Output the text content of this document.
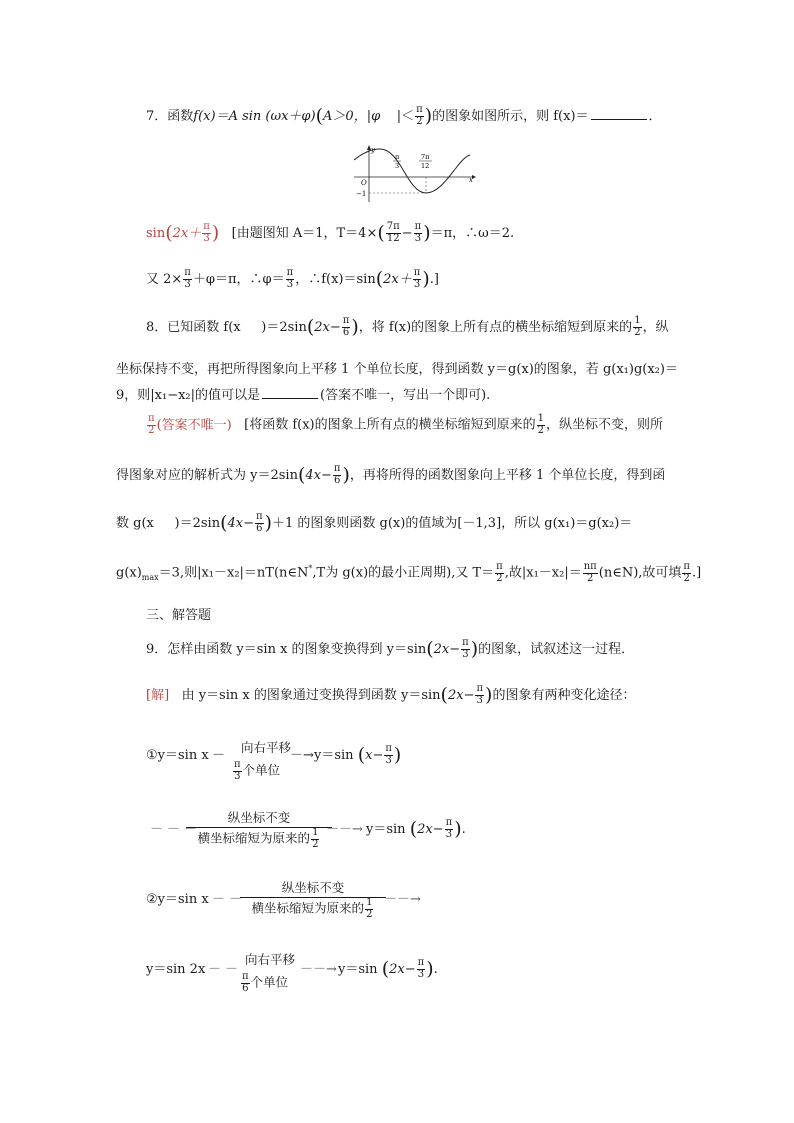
7．函数f(x)＝A sin (ωx＋φ)(A＞0，|φ |＜ $\frac{\pi}{2}$ )的图象如图所示，则 f(x)＝	．
y
x
O
−1
π
3
7π
12
$\sin(2x+ \frac{\pi}{3}$ ) [由题图知 A＝1，$T=4\times( \frac{7\pi}{12} - \frac{\pi}{3} )=\pi$，∴ω＝2.
又 $2\times \frac{\pi}{3} +\varphi=\pi$，∴φ＝ $\frac{\pi}{3}$ ，∴f(x)＝sin(2x＋ $\frac{\pi}{3}$ ).]
8．已知函数 f(x )$=2\sin(2x- \frac{\pi}{6}$ )，将 f(x)的图象上所有点的横坐标缩短到原来的 $\frac{1}{2}$ ，纵
坐标保持不变，再把所得图象向上平移 1 个单位长度，得到函数 y＝g(x)的图象，若 g(x₁)g(x₂)＝
9，则|x₁−x₂|的值可以是	(答案不唯一，写出一个即可).
$\frac{\pi}{2}$ (答案不唯一) [将函数 f(x)的图象上所有点的横坐标缩短到原来的 $\frac{1}{2}$ ，纵坐标不变，则所
得图象对应的解析式为 $y=2\sin(4x- \frac{\pi}{6}$ )，再将所得的函数图象向上平移 1 个单位长度，得到函
数 g(x )$=2\sin(4x- \frac{\pi}{6} )+1$ 的图象则函数 g(x)的值域为[－1,3]，所以 g(x₁)＝g(x₂)＝
$g(x)_{max}=3$,则|x₁－x₂|＝nT(n∈N*,T为 g(x)的最小正周期),又 $T= \frac{\pi}{2}$ ,故$|x_1-x_2|= \frac{n\pi}{2}$ (n∈N),故可填 $\frac{\pi}{2}$ .]
三、解答题
9．怎样由函数 y＝sin x 的图象变换得到 $y=\sin(2x- \frac{\pi}{3}$ )的图象，试叙述这一过程．
[解] 由 y＝sin x 的图象通过变换得到函数 $y=\sin(2x- \frac{\pi}{3}$ )的图象有两种变化途径：
①y＝sin x
向右平移
－	－→
$\frac{\pi}{3}$ 个单位
y＝sin ($x- \frac{\pi}{3}$ )
－－－
纵坐标不变
横坐标缩短为原来的 $\frac{1}{2}$ －－→ y＝sin ($2x- \frac{\pi}{3}$ ).
②y＝sin x －－
纵坐标不变
横坐标缩短为原来的 $\frac{1}{2}$ －－→
y＝sin 2x －－
向右平移
$\frac{\pi}{6}$ 个单位
－－→ y＝sin ($2x- \frac{\pi}{3}$ ).
